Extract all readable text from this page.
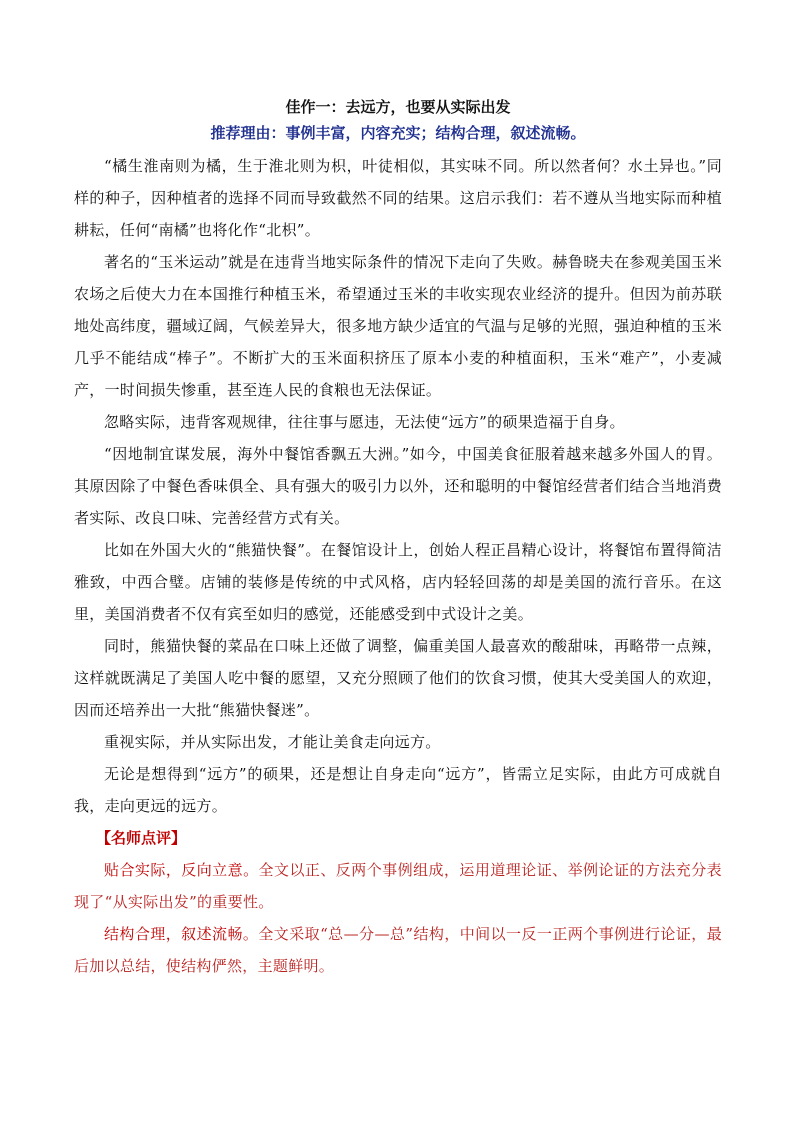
佳作一：去远方，也要从实际出发

推荐理由：事例丰富，内容充实；结构合理，叙述流畅。

“橘生淮南则为橘，生于淮北则为枳，叶徒相似，其实味不同。所以然者何？水土异也。”同样的种子，因种植者的选择不同而导致截然不同的结果。这启示我们：若不遵从当地实际而种植耕耘，任何“南橘”也将化作“北枳”。

著名的“玉米运动”就是在违背当地实际条件的情况下走向了失败。赫鲁晓夫在参观美国玉米农场之后使大力在本国推行种植玉米，希望通过玉米的丰收实现农业经济的提升。但因为前苏联地处高纬度，疆域辽阔，气候差异大，很多地方缺少适宜的气温与足够的光照，强迫种植的玉米几乎不能结成“棒子”。不断扩大的玉米面积挤压了原本小麦的种植面积，玉米“难产”，小麦减产，一时间损失惨重，甚至连人民的食粮也无法保证。

忽略实际，违背客观规律，往往事与愿违，无法使“远方”的硕果造福于自身。

“因地制宜谋发展，海外中餐馆香飘五大洲。”如今，中国美食征服着越来越多外国人的胃。其原因除了中餐色香味俱全、具有强大的吸引力以外，还和聪明的中餐馆经营者们结合当地消费者实际、改良口味、完善经营方式有关。

比如在外国大火的“熊猫快餐”。在餐馆设计上，创始人程正昌精心设计，将餐馆布置得简洁雅致，中西合璧。店铺的装修是传统的中式风格，店内轻轻回荡的却是美国的流行音乐。在这里，美国消费者不仅有宾至如归的感觉，还能感受到中式设计之美。

同时，熊猫快餐的菜品在口味上还做了调整，偏重美国人最喜欢的酸甜味，再略带一点辣，这样就既满足了美国人吃中餐的愿望，又充分照顾了他们的饮食习惯，使其大受美国人的欢迎，因而还培养出一大批“熊猫快餐迷”。

重视实际，并从实际出发，才能让美食走向远方。

无论是想得到“远方”的硕果，还是想让自身走向“远方”，皆需立足实际，由此方可成就自我，走向更远的远方。

【名师点评】

贴合实际，反向立意。全文以正、反两个事例组成，运用道理论证、举例论证的方法充分表现了“从实际出发”的重要性。

结构合理，叙述流畅。全文采取“总—分—总”结构，中间以一反一正两个事例进行论证，最后加以总结，使结构俨然，主题鲜明。
